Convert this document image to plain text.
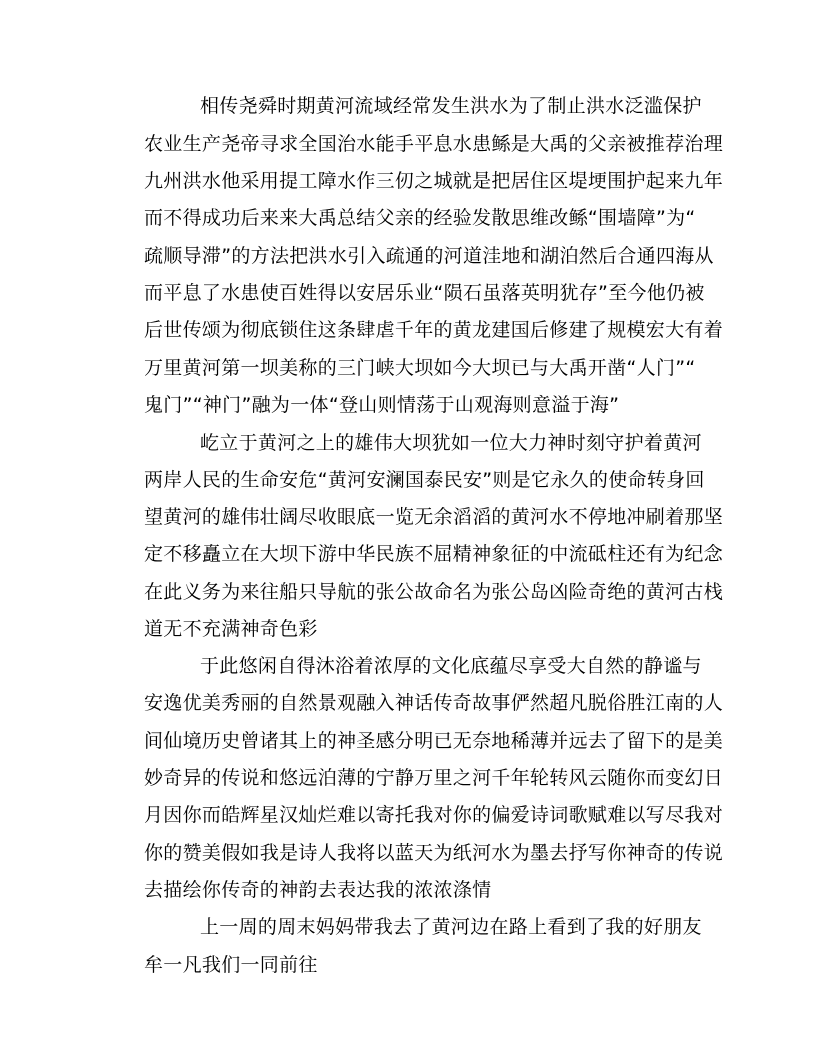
相传尧舜时期黄河流域经常发生洪水为了制止洪水泛滥保护
农业生产尧帝寻求全国治水能手平息水患鲧是大禹的父亲被推荐治理
九州洪水他采用提工障水作三仞之城就是把居住区堤埂围护起来九年
而不得成功后来来大禹总结父亲的经验发散思维改鲧“围墙障”为“
疏顺导滞”的方法把洪水引入疏通的河道洼地和湖泊然后合通四海从
而平息了水患使百姓得以安居乐业“陨石虽落英明犹存”至今他仍被
后世传颂为彻底锁住这条肆虐千年的黄龙建国后修建了规模宏大有着
万里黄河第一坝美称的三门峡大坝如今大坝已与大禹开凿“人门”“
鬼门”“神门”融为一体“登山则情荡于山观海则意溢于海”
屹立于黄河之上的雄伟大坝犹如一位大力神时刻守护着黄河
两岸人民的生命安危“黄河安澜国泰民安”则是它永久的使命转身回
望黄河的雄伟壮阔尽收眼底一览无余滔滔的黄河水不停地冲刷着那坚
定不移矗立在大坝下游中华民族不屈精神象征的中流砥柱还有为纪念
在此义务为来往船只导航的张公故命名为张公岛凶险奇绝的黄河古栈
道无不充满神奇色彩
于此悠闲自得沐浴着浓厚的文化底蕴尽享受大自然的静谧与
安逸优美秀丽的自然景观融入神话传奇故事俨然超凡脱俗胜江南的人
间仙境历史曾诸其上的神圣感分明已无奈地稀薄并远去了留下的是美
妙奇异的传说和悠远泊薄的宁静万里之河千年轮转风云随你而变幻日
月因你而皓辉星汉灿烂难以寄托我对你的偏爱诗词歌赋难以写尽我对
你的赞美假如我是诗人我将以蓝天为纸河水为墨去抒写你神奇的传说
去描绘你传奇的神韵去表达我的浓浓涤情
上一周的周末妈妈带我去了黄河边在路上看到了我的好朋友
牟一凡我们一同前往
